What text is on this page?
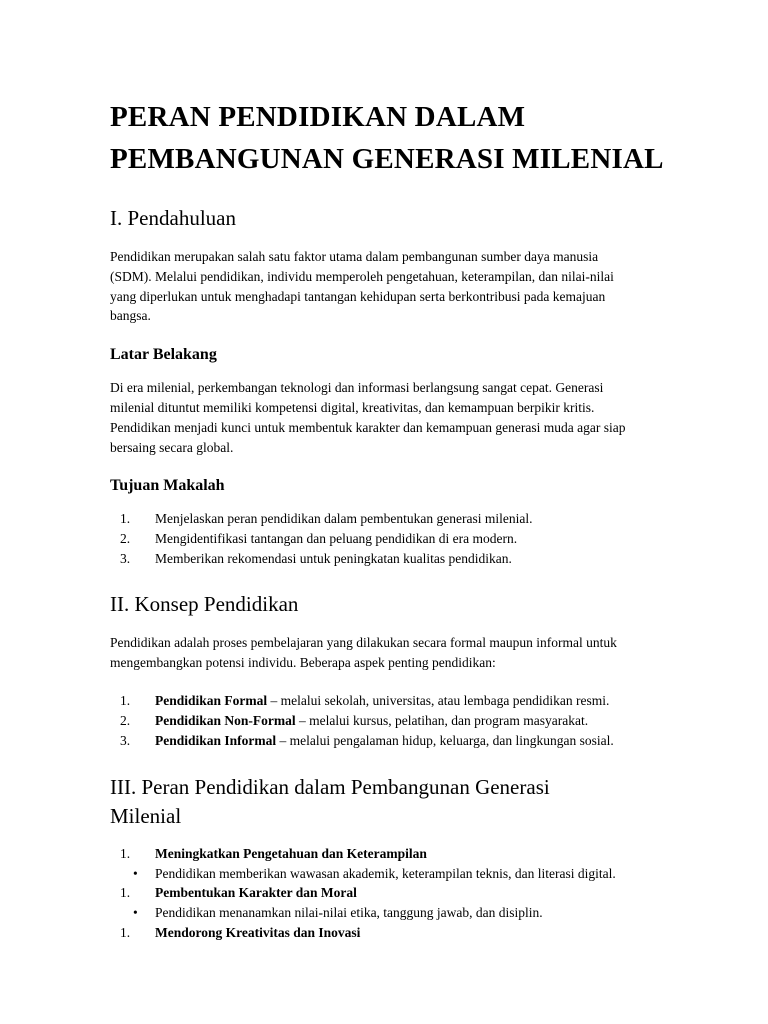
PERAN PENDIDIKAN DALAM
PEMBANGUNAN GENERASI MILENIAL
I. Pendahuluan

Pendidikan merupakan salah satu faktor utama dalam pembangunan sumber daya manusia
(SDM). Melalui pendidikan, individu memperoleh pengetahuan, keterampilan, dan nilai-nilai
yang diperlukan untuk menghadapi tantangan kehidupan serta berkontribusi pada kemajuan
bangsa.

Latar Belakang

Di era milenial, perkembangan teknologi dan informasi berlangsung sangat cepat. Generasi
milenial dituntut memiliki kompetensi digital, kreativitas, dan kemampuan berpikir kritis.
Pendidikan menjadi kunci untuk membentuk karakter dan kemampuan generasi muda agar siap
bersaing secara global.

Tujuan Makalah
1. Menjelaskan peran pendidikan dalam pembentukan generasi milenial.
2. Mengidentifikasi tantangan dan peluang pendidikan di era modern.
3. Memberikan rekomendasi untuk peningkatan kualitas pendidikan.
II. Konsep Pendidikan

Pendidikan adalah proses pembelajaran yang dilakukan secara formal maupun informal untuk
mengembangkan potensi individu. Beberapa aspek penting pendidikan:

1. Pendidikan Formal – melalui sekolah, universitas, atau lembaga pendidikan resmi.
2. Pendidikan Non-Formal – melalui kursus, pelatihan, dan program masyarakat.
3. Pendidikan Informal – melalui pengalaman hidup, keluarga, dan lingkungan sosial.
III. Peran Pendidikan dalam Pembangunan Generasi
Milenial
1. Meningkatkan Pengetahuan dan Keterampilan
• Pendidikan memberikan wawasan akademik, keterampilan teknis, dan literasi digital.
1. Pembentukan Karakter dan Moral
• Pendidikan menanamkan nilai-nilai etika, tanggung jawab, dan disiplin.
1. Mendorong Kreativitas dan Inovasi
